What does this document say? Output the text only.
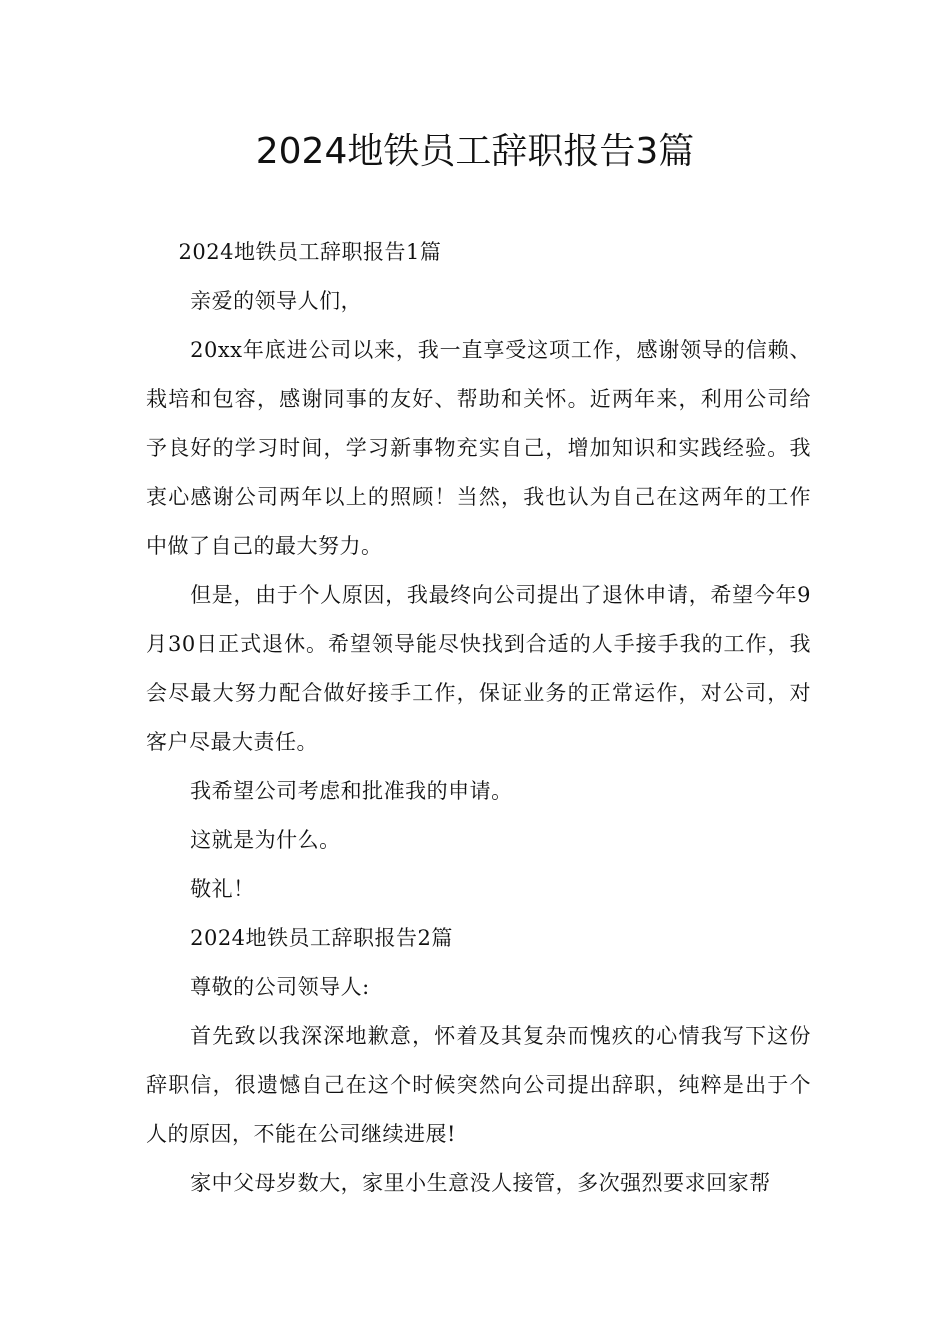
2024地铁员工辞职报告3篇

2024地铁员工辞职报告1篇

亲爱的领导人们，

20xx年底进公司以来，我一直享受这项工作，感谢领导的信赖、栽培和包容，感谢同事的友好、帮助和关怀。近两年来，利用公司给予良好的学习时间，学习新事物充实自己，增加知识和实践经验。我衷心感谢公司两年以上的照顾！当然，我也认为自己在这两年的工作中做了自己的最大努力。

但是，由于个人原因，我最终向公司提出了退休申请，希望今年9月30日正式退休。希望领导能尽快找到合适的人手接手我的工作，我会尽最大努力配合做好接手工作，保证业务的正常运作，对公司，对客户尽最大责任。

我希望公司考虑和批准我的申请。

这就是为什么。

敬礼！

2024地铁员工辞职报告2篇

尊敬的公司领导人:

首先致以我深深地歉意，怀着及其复杂而愧疚的心情我写下这份辞职信，很遗憾自己在这个时候突然向公司提出辞职，纯粹是出于个人的原因，不能在公司继续进展!

家中父母岁数大，家里小生意没人接管，多次强烈要求回家帮
